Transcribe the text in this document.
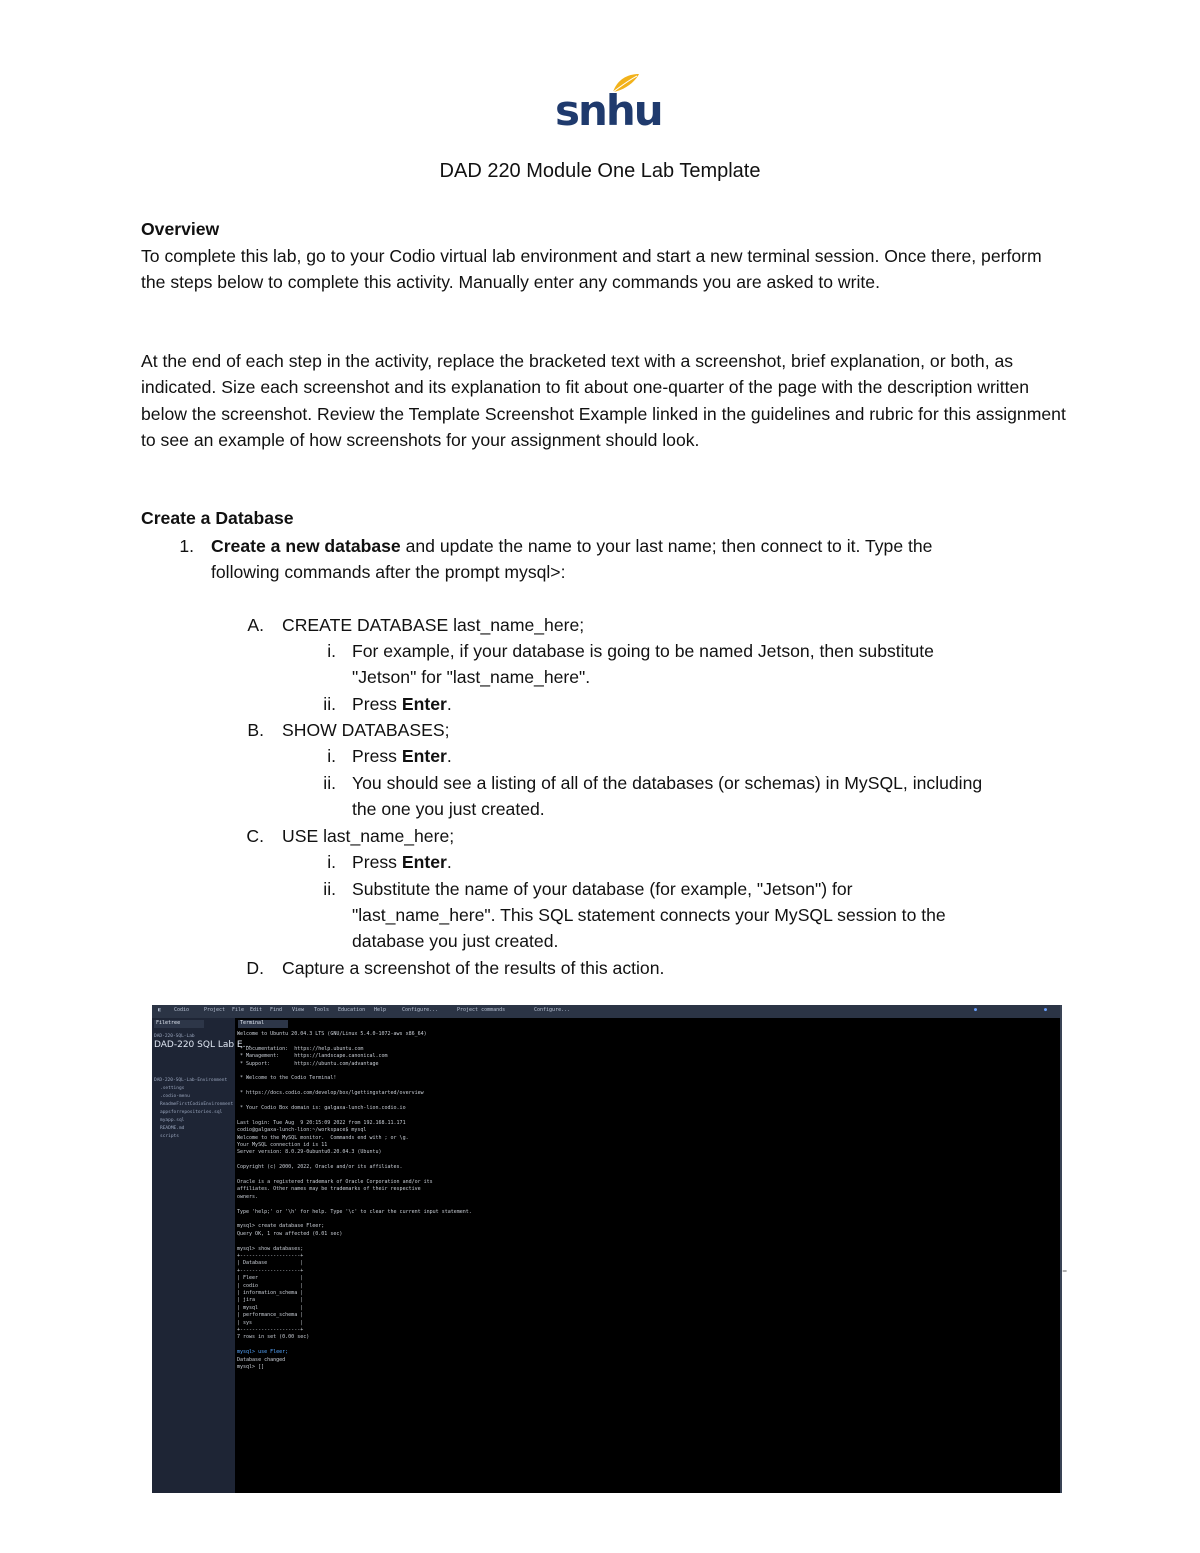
snhu
DAD 220 Module One Lab Template

Overview

To complete this lab, go to your Codio virtual lab environment and start a new terminal session. Once there, perform the steps below to complete this activity. Manually enter any commands you are asked to write.

At the end of each step in the activity, replace the bracketed text with a screenshot, brief explanation, or both, as indicated. Size each screenshot and its explanation to fit about one-quarter of the page with the description written below the screenshot. Review the Template Screenshot Example linked in the guidelines and rubric for this assignment to see an example of how screenshots for your assignment should look.

Create a Database

1. Create a new database and update the name to your last name; then connect to it. Type the
following commands after the prompt mysql>:
A. CREATE DATABASE last_name_here;
i. For example, if your database is going to be named Jetson, then substitute
"Jetson" for "last_name_here".
ii. Press Enter.
B. SHOW DATABASES;
i. Press Enter.
ii. You should see a listing of all of the databases (or schemas) in MySQL, including
the one you just created.
C. USE last_name_here;
i. Press Enter.
ii. Substitute the name of your database (for example, "Jetson") for
"last_name_here". This SQL statement connects your MySQL session to the
database you just created.
D. Capture a screenshot of the results of this action.
◧	Codio	Project File Edit Find View Tools Education Help	Configure...	Project commands	Configure...	●	●
Filetree
DAD-220-SQL-Lab
DAD-220 SQL Lab E...
DAD-220-SQL-Lab-Environment
.settings
.codio-menu
ReadmeFirstCodioEnvironment
appsforrepositories.sql
myapp.sql
README.md
scripts
Terminal
Welcome to Ubuntu 20.04.3 LTS (GNU/Linux 5.4.0-1072-aws x86_64)
* Documentation:  https://help.ubuntu.com
* Management:     https://landscape.canonical.com
* Support:        https://ubuntu.com/advantage
* Welcome to the Codio Terminal!
* https://docs.codio.com/develop/box/lgettingstarted/overview
* Your Codio Box domain is: galgaxa-lunch-lion.codio.io
Last login: Tue Aug  9 20:15:09 2022 from 192.168.11.171
codio@galgaxa-lunch-lion:~/workspace$ mysql
Welcome to the MySQL monitor.  Commands end with ; or \g.
Your MySQL connection id is 11
Server version: 8.0.29-0ubuntu0.20.04.3 (Ubuntu)
Copyright (c) 2000, 2022, Oracle and/or its affiliates.
Oracle is a registered trademark of Oracle Corporation and/or its
affiliates. Other names may be trademarks of their respective
owners.
Type 'help;' or '\h' for help. Type '\c' to clear the current input statement.
mysql> create database Fleer;
Query OK, 1 row affected (0.01 sec)
mysql> show databases;
+--------------------+
| Database           |
+--------------------+
| Fleer              |
| codio              |
| information_schema |
| jira               |
| mysql              |
| performance_schema |
| sys                |
+--------------------+
7 rows in set (0.00 sec)
mysql> use Fleer;
Database changed
mysql> []
⁼
